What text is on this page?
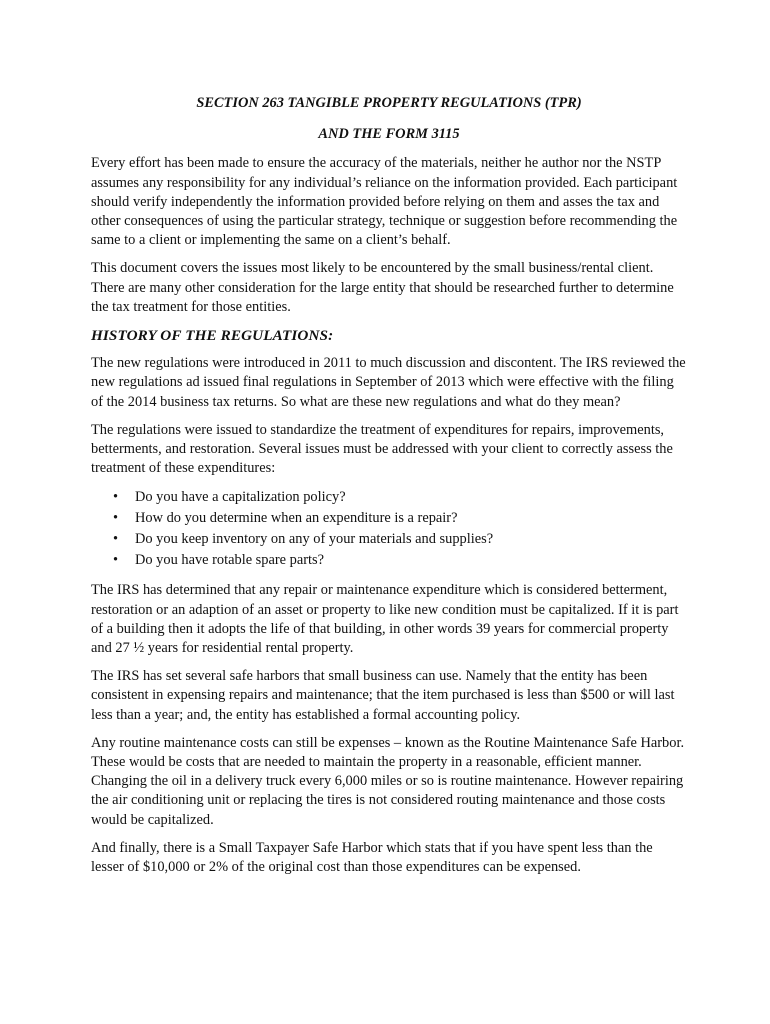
SECTION 263 TANGIBLE PROPERTY REGULATIONS (TPR)

AND THE FORM 3115

Every effort has been made to ensure the accuracy of the materials, neither he author nor the NSTP assumes any responsibility for any individual’s reliance on the information provided. Each participant should verify independently the information provided before relying on them and asses the tax and other consequences of using the particular strategy, technique or suggestion before recommending the same to a client or implementing the same on a client’s behalf.

This document covers the issues most likely to be encountered by the small business/rental client. There are many other consideration for the large entity that should be researched further to determine the tax treatment for those entities.

HISTORY OF THE REGULATIONS:

The new regulations were introduced in 2011 to much discussion and discontent. The IRS reviewed the new regulations ad issued final regulations in September of 2013 which were effective with the filing of the 2014 business tax returns. So what are these new regulations and what do they mean?

The regulations were issued to standardize the treatment of expenditures for repairs, improvements, betterments, and restoration. Several issues must be addressed with your client to correctly assess the treatment of these expenditures:

• Do you have a capitalization policy?
• How do you determine when an expenditure is a repair?
• Do you keep inventory on any of your materials and supplies?
• Do you have rotable spare parts?

The IRS has determined that any repair or maintenance expenditure which is considered betterment, restoration or an adaption of an asset or property to like new condition must be capitalized. If it is part of a building then it adopts the life of that building, in other words 39 years for commercial property and 27 ½ years for residential rental property.

The IRS has set several safe harbors that small business can use. Namely that the entity has been consistent in expensing repairs and maintenance; that the item purchased is less than $500 or will last less than a year; and, the entity has established a formal accounting policy.

Any routine maintenance costs can still be expenses – known as the Routine Maintenance Safe Harbor. These would be costs that are needed to maintain the property in a reasonable, efficient manner. Changing the oil in a delivery truck every 6,000 miles or so is routine maintenance. However repairing the air conditioning unit or replacing the tires is not considered routing maintenance and those costs would be capitalized.

And finally, there is a Small Taxpayer Safe Harbor which stats that if you have spent less than the lesser of $10,000 or 2% of the original cost than those expenditures can be expensed.
